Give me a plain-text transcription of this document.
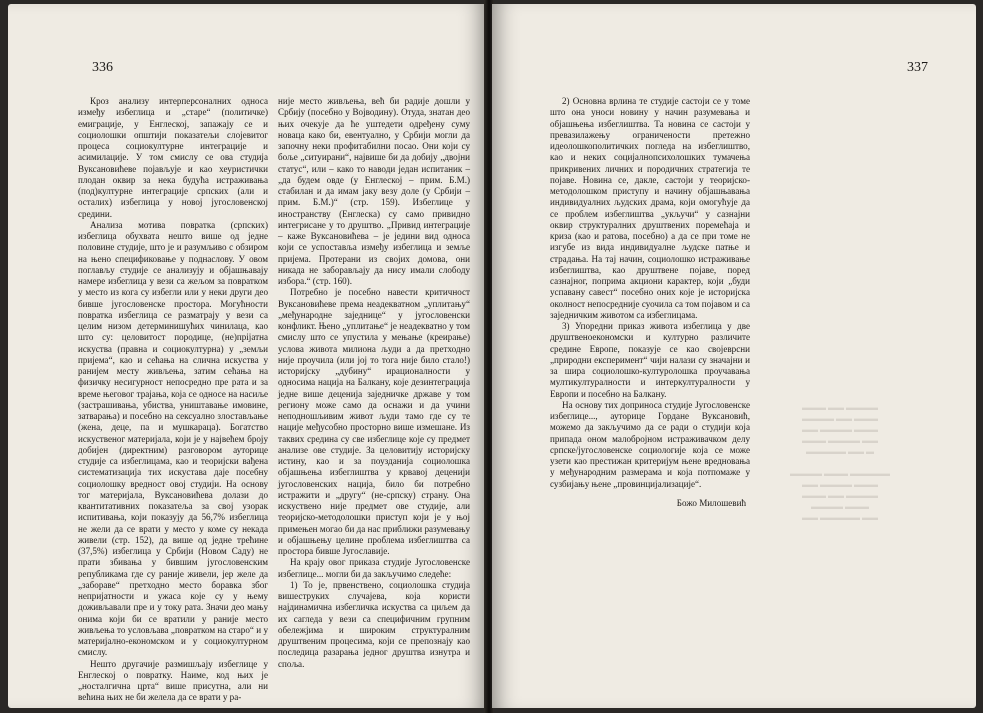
336

Кроз анализу интерперсоналних односа између избеглица и „старе“ (политичке) емиграције, у Енглеској, запажају се и социолошки општији показатељи слојевитог процеса социокултурне интеграције и асимилације. У том смислу се ова студија Вуксановићеве појављује и као хеуристички плодан оквир за нека будућа истраживања (под)културне интеграције српских (али и осталих) избеглица у новој југословенској средини.

Анализа мотива повратка (српских) избеглица обухвата нешто више од једне половине студије, што је и разумљиво с обзиром на њено спецификовање у поднаслову. У овом поглављу студије се анализују и објашњавају намере избеглица у вези са жељом за повратком у место из кога су избегли или у неки други део бивше југословенске простора. Могућности повратка избеглица се разматрају у вези са целим низом детерминишућих чинилаца, као што су: целовитост породице, (не)прijатна искуства (правна и социокултурна) у „земљи пријема“, као и сећања на слична искуства у ранијем месту живљења, затим сећања на физичку несигурност непосредно пре рата и за време његовог трајања, која се односе на насиље (застрашивања, убиства, уништавање имовине, затварања) и посебно на сексуално злостављање (жена, деце, па и мушкараца). Богатство искуственог материјала, који је у највећем броју добијен (директним) разговором ауторице студије са избеглицама, као и теоријски вађена систематизација тих искустава даје посебну социолошку вредност овој студији. На основу тог материјала, Вуксановићева долази до квантитативних показатеља за свој узорак испитивања, који показују да 56,7% избеглица не жели да се врати у место у коме су некада живели (стр. 152), да више од једне трећине (37,5%) избеглица у Србији (Новом Саду) не прати збивања у бившим југословенским републикама где су раније живели, јер желе да „забораве“ претходно место боравка због непријатности и ужаса које су у њему доживљавали пре и у току рата. Значи део мању онима који би се вратили у раније место живљења то условљава „повратком на старо“ и у материјално-економском и у социокултурном смислу.

Нешто другачије размишљају избеглице у Енглеској о повратку. Наиме, код њих је „носталгична црта“ више присутна, али ни већина њих не би желела да се врати у ра-

није место живљења, већ би радије дошли у Србију (посебно у Војводину). Отуда, знатан део њих очекује да ће уштедети одређену суму новаца како би, евентуално, у Србији могли да започну неки профитабилни посао. Они који су боље „ситуирани“, највише би да добију „двојни статус“, или – како то наводи један испитаник – „да будем овде (у Енглеској – прим. Б.М.) стабилан и да имам јаку везу доле (у Србији – прим. Б.М.)“ (стр. 159). Избеглице у иностранству (Енглеска) су само привидно интегрисане у то друштво. „Привид интеграције – каже Вуксановићева – је једини вид односа који се успоставља између избеглица и земље пријема. Протерани из својих домова, они никада не заборављају да нису имали слободу избора.“ (стр. 160).

Потребно је посебно навести критичност Вуксановићеве према неадекватном „уплитању“ „међународне заједнице“ у југословенски конфликт. Њено „уплитање“ је неадекватно у том смислу што се упустила у мењање (креирање) услова живота милиона људи а да претходно није проучила (или јој то тога није било стало!) историјску „дубину“ ирационалности у односима нација на Балкану, које дезинтеграција једне више деценија заједничке државе у том региону може само да оснажи и да учини неподношљивим живот људи тамо где су те нације међусобно просторно више измешане. Из таквих средина су све избеглице које су предмет анализе ове студије. За целовитију историјску истину, као и за поузданија социолошка објашњења избеглиштва у крвавој деценији југословенских нација, било би потребно истражити и „другу“ (не-српску) страну. Она искуствено није предмет ове студије, али теоријско-методолошки приступ који је у њој примењен могао би да нас приближи разумевању и објашњењу целине проблема избеглиштва са простора бивше Југославије.

На крају овог приказа студије Југословенске избеглице... могли би да закључимо следеће:

1) То је, првенствено, социолошка студија вишеструких случајева, која користи најдинамична избегличка искуства са циљем да их сагледа у вези са специфичним групним обележјима и широким структуралним друштвеним процесима, који се препознају као последица разарања једног друштва изнутра и споља.

337

2) Основна врлина те студије састоји се у томе што она уноси новину у начин разумевања и објашњења избеглиштва. Та новина се састоји у превазилажењу ограничености претежно идеолошкополитичких погледа на избеглиштво, као и неких социјалнопсихолошких тумачења прикривених личних и породичних стратегија те појаве. Новина се, дакле, састоји у теоријско-методолошком приступу и начину објашњавања индивидуалних људских драма, који омогућује да се проблем избеглиштва „укључи“ у сазнајни оквир структуралних друштвених поремећаја и криза (као и ратова, посебно) а да се при томе не изгубе из вида индивидуалне људске патње и страдања. На тај начин, социолошко истраживање избеглиштва, као друштвене појаве, поред сазнајног, поприма акциони карактер, који „буди успавану савест“ посебно оних које је историјска околност непосредније суочила са том појавом и са заједничким животом са избеглицама.

3) Упоредни приказ живота избеглица у две друштвеноекономски и културно различите средине Европе, показује се као својеврсни „природни експеримент“ чији налази су значајни и за шира социолошко-културолошка проучавања мултикултуралности и интеркултуралности у Европи и посебно на Балкану.

На основу тих доприноса студије Југословенске избеглице..., ауторице Гордане Вуксановић, можемо да закључимо да се ради о студији која припада оном малобројном истраживачком делу српске/југословенске социологије која се може узети као престижан критеријум њене вредновања у међународним размерама и која потпомаже у сузбијању њене „провинцијализације“.

Божо Милошевић
▬▬▬ ▬▬ ▬▬▬▬
▬▬▬▬ ▬▬ ▬▬▬
▬▬ ▬▬▬▬ ▬▬▬
▬▬▬ ▬▬▬▬ ▬▬
▬▬▬▬▬ ▬▬ ▬

▬▬▬▬ ▬▬▬ ▬▬▬▬▬
▬▬ ▬▬▬▬ ▬▬▬
▬▬▬ ▬▬ ▬▬▬▬
▬▬▬▬ ▬▬▬
▬▬ ▬▬▬▬▬ ▬▬
